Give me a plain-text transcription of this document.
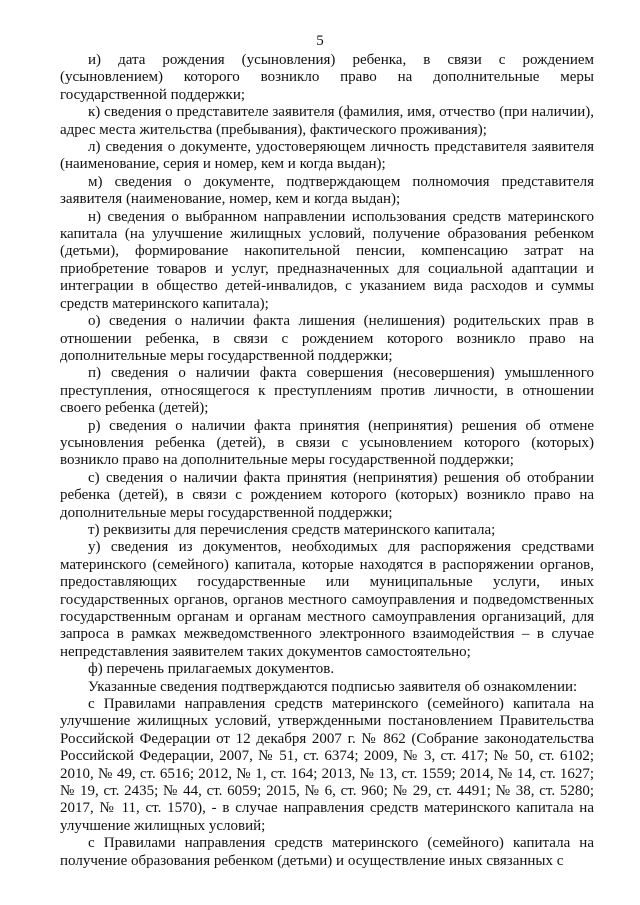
5

и) дата рождения (усыновления) ребенка, в связи с рождением (усыновлением) которого возникло право на дополнительные меры государственной поддержки;

к) сведения о представителе заявителя (фамилия, имя, отчество (при наличии), адрес места жительства (пребывания), фактического проживания);

л) сведения о документе, удостоверяющем личность представителя заявителя (наименование, серия и номер, кем и когда выдан);

м) сведения о документе, подтверждающем полномочия представителя заявителя (наименование, номер, кем и когда выдан);

н) сведения о выбранном направлении использования средств материнского капитала (на улучшение жилищных условий, получение образования ребенком (детьми), формирование накопительной пенсии, компенсацию затрат на приобретение товаров и услуг, предназначенных для социальной адаптации и интеграции в общество детей-инвалидов, с указанием вида расходов и суммы средств материнского капитала);

о) сведения о наличии факта лишения (нелишения) родительских прав в отношении ребенка, в связи с рождением которого возникло право на дополнительные меры государственной поддержки;

п) сведения о наличии факта совершения (несовершения) умышленного преступления, относящегося к преступлениям против личности, в отношении своего ребенка (детей);

р) сведения о наличии факта принятия (непринятия) решения об отмене усыновления ребенка (детей), в связи с усыновлением которого (которых) возникло право на дополнительные меры государственной поддержки;

с) сведения о наличии факта принятия (непринятия) решения об отобрании ребенка (детей), в связи с рождением которого (которых) возникло право на дополнительные меры государственной поддержки;

т) реквизиты для перечисления средств материнского капитала;

у) сведения из документов, необходимых для распоряжения средствами материнского (семейного) капитала, которые находятся в распоряжении органов, предоставляющих государственные или муниципальные услуги, иных государственных органов, органов местного самоуправления и подведомственных государственным органам и органам местного самоуправления организаций, для запроса в рамках межведомственного электронного взаимодействия – в случае непредставления заявителем таких документов самостоятельно;

ф) перечень прилагаемых документов.

Указанные сведения подтверждаются подписью заявителя об ознакомлении:

с Правилами направления средств материнского (семейного) капитала на улучшение жилищных условий, утвержденными постановлением Правительства Российской Федерации от 12 декабря 2007 г. № 862 (Собрание законодательства Российской Федерации, 2007, № 51, ст. 6374; 2009, № 3, ст. 417; № 50, ст. 6102; 2010, № 49, ст. 6516; 2012, № 1, ст. 164; 2013, № 13, ст. 1559; 2014, № 14, ст. 1627; № 19, ст. 2435; № 44, ст. 6059; 2015, № 6, ст. 960; № 29, ст. 4491; № 38, ст. 5280; 2017, № 11, ст. 1570), - в случае направления средств материнского капитала на улучшение жилищных условий;

с Правилами направления средств материнского (семейного) капитала на получение образования ребенком (детьми) и осуществление иных связанных с
